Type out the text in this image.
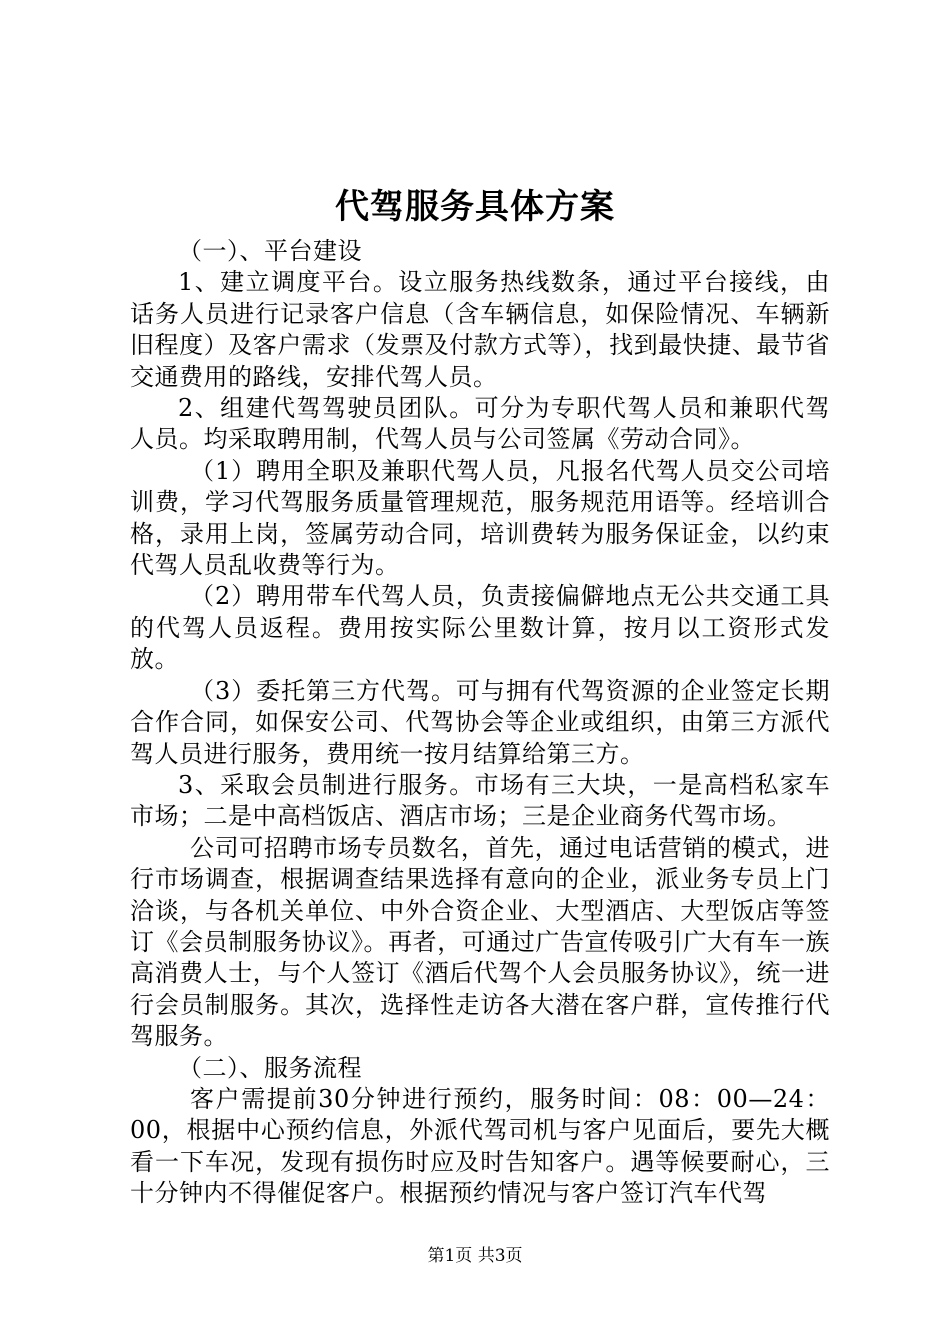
代驾服务具体方案

（一）、平台建设

1、建立调度平台。设立服务热线数条，通过平台接线，由话务人员进行记录客户信息（含车辆信息，如保险情况、车辆新旧程度）及客户需求（发票及付款方式等），找到最快捷、最节省交通费用的路线，安排代驾人员。

2、组建代驾驾驶员团队。可分为专职代驾人员和兼职代驾人员。均采取聘用制，代驾人员与公司签属《劳动合同》。

（1）聘用全职及兼职代驾人员，凡报名代驾人员交公司培训费，学习代驾服务质量管理规范，服务规范用语等。经培训合格，录用上岗，签属劳动合同，培训费转为服务保证金，以约束代驾人员乱收费等行为。

（2）聘用带车代驾人员，负责接偏僻地点无公共交通工具的代驾人员返程。费用按实际公里数计算，按月以工资形式发放。

（3）委托第三方代驾。可与拥有代驾资源的企业签定长期合作合同，如保安公司、代驾协会等企业或组织，由第三方派代驾人员进行服务，费用统一按月结算给第三方。

3、采取会员制进行服务。市场有三大块，一是高档私家车市场；二是中高档饭店、酒店市场；三是企业商务代驾市场。

公司可招聘市场专员数名，首先，通过电话营销的模式，进行市场调查，根据调查结果选择有意向的企业，派业务专员上门洽谈，与各机关单位、中外合资企业、大型酒店、大型饭店等签订《会员制服务协议》。再者，可通过广告宣传吸引广大有车一族高消费人士，与个人签订《酒后代驾个人会员服务协议》，统一进行会员制服务。其次，选择性走访各大潜在客户群，宣传推行代驾服务。

（二）、服务流程

客户需提前30分钟进行预约，服务时间：08：00—24：00，根据中心预约信息，外派代驾司机与客户见面后，要先大概看一下车况，发现有损伤时应及时告知客户。遇等候要耐心，三十分钟内不得催促客户。根据预约情况与客户签订汽车代驾

第1页 共3页
